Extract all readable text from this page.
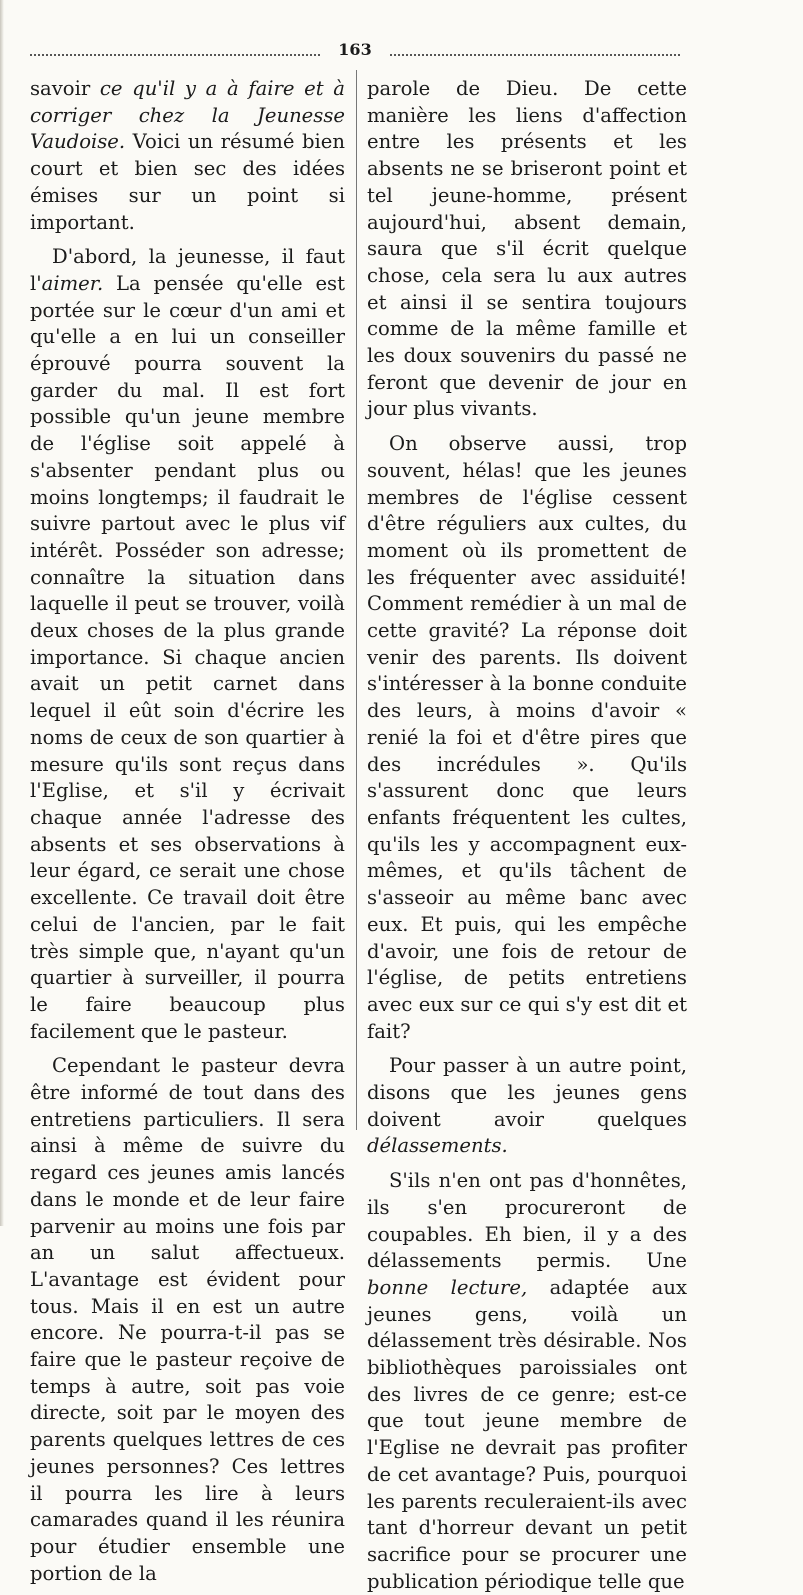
163

savoir ce qu'il y a à faire et à corriger chez la Jeunesse Vaudoise. Voici un résumé bien court et bien sec des idées émises sur un point si important.

D'abord, la jeunesse, il faut l'aimer. La pensée qu'elle est portée sur le cœur d'un ami et qu'elle a en lui un conseiller éprouvé pourra souvent la garder du mal. Il est fort possible qu'un jeune membre de l'église soit appelé à s'absenter pendant plus ou moins longtemps; il faudrait le suivre partout avec le plus vif intérêt. Posséder son adresse; connaître la situation dans laquelle il peut se trouver, voilà deux choses de la plus grande importance. Si chaque ancien avait un petit carnet dans lequel il eût soin d'écrire les noms de ceux de son quartier à mesure qu'ils sont reçus dans l'Eglise, et s'il y écrivait chaque année l'adresse des absents et ses observations à leur égard, ce serait une chose excellente. Ce travail doit être celui de l'ancien, par le fait très simple que, n'ayant qu'un quartier à surveiller, il pourra le faire beaucoup plus facilement que le pasteur.

Cependant le pasteur devra être informé de tout dans des entretiens particuliers. Il sera ainsi à même de suivre du regard ces jeunes amis lancés dans le monde et de leur faire parvenir au moins une fois par an un salut affectueux. L'avantage est évident pour tous. Mais il en est un autre encore. Ne pourra-t-il pas se faire que le pasteur reçoive de temps à autre, soit pas voie directe, soit par le moyen des parents quelques lettres de ces jeunes personnes? Ces lettres il pourra les lire à leurs camarades quand il les réunira pour étudier ensemble une portion de la

parole de Dieu. De cette manière les liens d'affection entre les présents et les absents ne se briseront point et tel jeune-homme, présent aujourd'hui, absent demain, saura que s'il écrit quelque chose, cela sera lu aux autres et ainsi il se sentira toujours comme de la même famille et les doux souvenirs du passé ne feront que devenir de jour en jour plus vivants.

On observe aussi, trop souvent, hélas! que les jeunes membres de l'église cessent d'être réguliers aux cultes, du moment où ils promettent de les fréquenter avec assiduité! Comment remédier à un mal de cette gravité? La réponse doit venir des parents. Ils doivent s'intéresser à la bonne conduite des leurs, à moins d'avoir « renié la foi et d'être pires que des incrédules ». Qu'ils s'assurent donc que leurs enfants fréquentent les cultes, qu'ils les y accompagnent eux-mêmes, et qu'ils tâchent de s'asseoir au même banc avec eux. Et puis, qui les empêche d'avoir, une fois de retour de l'église, de petits entretiens avec eux sur ce qui s'y est dit et fait?

Pour passer à un autre point, disons que les jeunes gens doivent avoir quelques délassements.

S'ils n'en ont pas d'honnêtes, ils s'en procureront de coupables. Eh bien, il y a des délassements permis. Une bonne lecture, adaptée aux jeunes gens, voilà un délassement très désirable. Nos bibliothèques paroissiales ont des livres de ce genre; est-ce que tout jeune membre de l'Eglise ne devrait pas profiter de cet avantage? Puis, pourquoi les parents reculeraient-ils avec tant d'horreur devant un petit sacrifice pour se procurer une publication périodique telle que
